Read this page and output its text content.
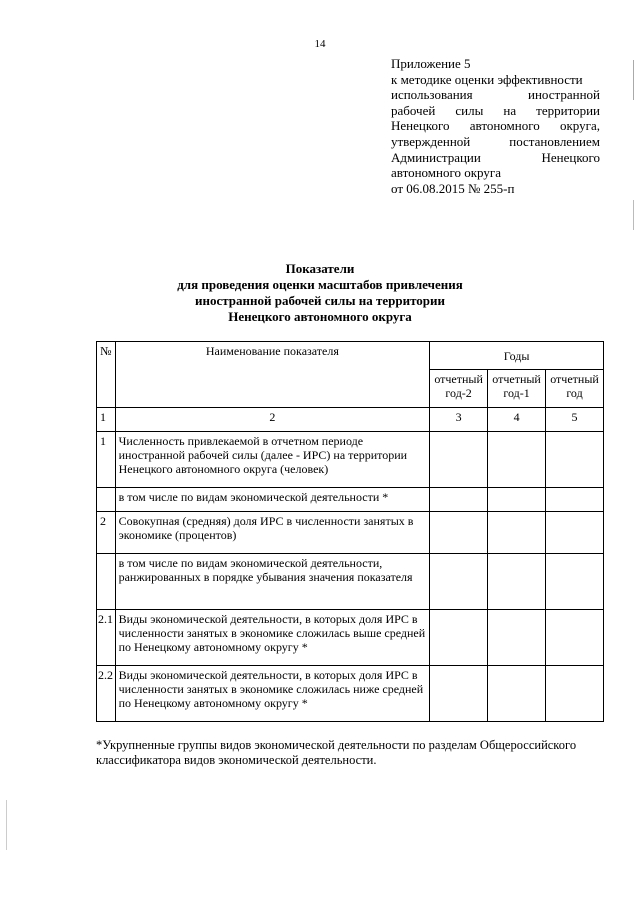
14
Приложение 5
к методике оценки эффективности
использования	иностранной
рабочей силы на территории
Ненецкого автономного округа,
утвержденной	постановлением
Администрации	Ненецкого
автономного округа
от 06.08.2015 № 255-п
Показатели
для проведения оценки масштабов привлечения
иностранной рабочей силы на территории
Ненецкого автономного округа
№	Наименование показателя	Годы		
		отчетный год-2	отчетный год-1	отчетный год
1	2	3	4	5
1	Численность привлекаемой в отчетном периоде иностранной рабочей силы (далее - ИРС) на территории Ненецкого автономного округа (человек)			
	в том числе по видам экономической деятельности *			
2	Совокупная (средняя) доля ИРС в численности занятых в экономике (процентов)			
	в том числе по видам экономической деятельности, ранжированных в порядке убывания значения показателя			
2.1	Виды экономической деятельности, в которых доля ИРС в численности занятых в экономике сложилась выше средней по Ненецкому автономному округу *			
2.2	Виды экономической деятельности, в которых доля ИРС в численности занятых в экономике сложилась ниже средней по Ненецкому автономному округу *			
*Укрупненные группы видов экономической деятельности по разделам Общероссийского классификатора видов экономической деятельности.
